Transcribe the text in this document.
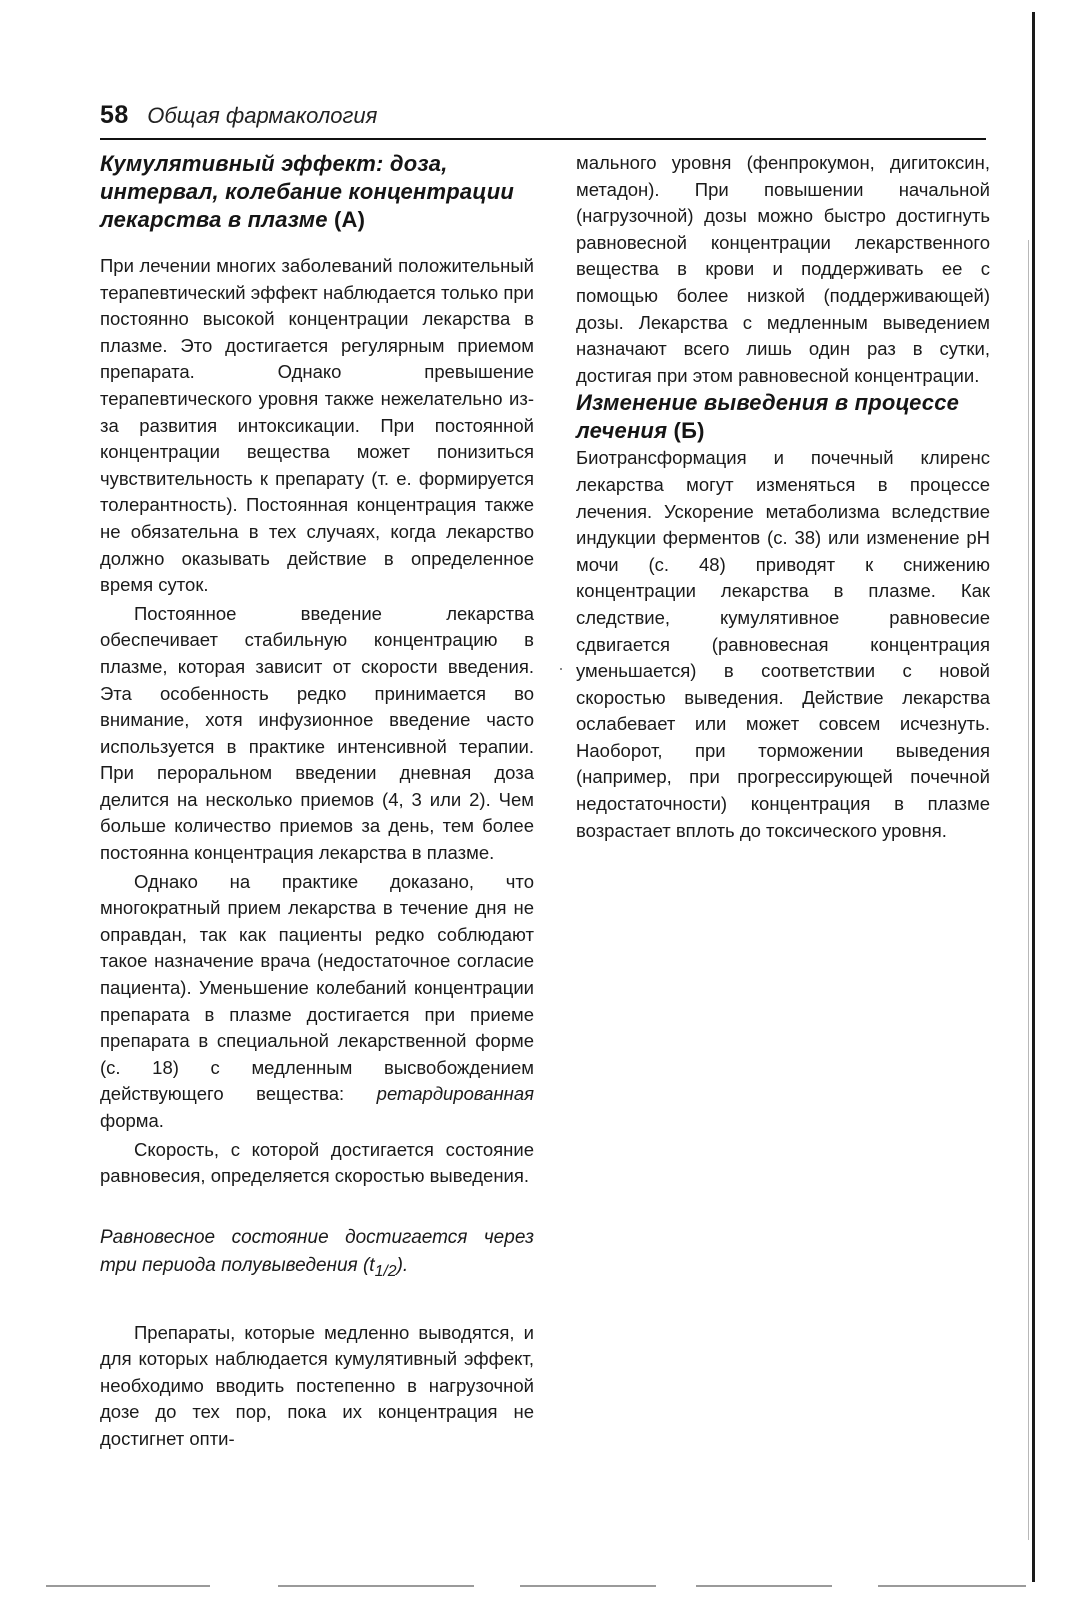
58 Общая фармакология
Кумулятивный эффект: доза, интервал, колебание концентрации лекарства в плазме (А)

При лечении многих заболеваний положительный терапевтический эффект наблюдается только при постоянно высокой концентрации лекарства в плазме. Это достигается регулярным приемом препарата. Однако превышение терапевтического уровня также нежелательно из-за развития интоксикации. При постоянной концентрации вещества может понизиться чувствительность к препарату (т. е. формируется толерантность). Постоянная концентрация также не обязательна в тех случаях, когда лекарство должно оказывать действие в определенное время суток.

Постоянное введение лекарства обеспечивает стабильную концентрацию в плазме, которая зависит от скорости введения. Эта особенность редко принимается во внимание, хотя инфузионное введение часто используется в практике интенсивной терапии. При пероральном введении дневная доза делится на несколько приемов (4, 3 или 2). Чем больше количество приемов за день, тем более постоянна концентрация лекарства в плазме.

Однако на практике доказано, что многократный прием лекарства в течение дня не оправдан, так как пациенты редко соблюдают такое назначение врача (недостаточное согласие пациента). Уменьшение колебаний концентрации препарата в плазме достигается при приеме препарата в специальной лекарственной форме (с. 18) с медленным высвобождением действующего вещества: ретардированная форма.

Скорость, с которой достигается состояние равновесия, определяется скоростью выведения.

Равновесное состояние достигается через три периода полувыведения $(t_{1/2})$.

Препараты, которые медленно выводятся, и для которых наблюдается кумулятивный эффект, необходимо вводить постепенно в нагрузочной дозе до тех пор, пока их концентрация не достигнет опти-

мального уровня (фенпрокумон, дигитоксин, метадон). При повышении начальной (нагрузочной) дозы можно быстро достигнуть равновесной концентрации лекарственного вещества в крови и поддерживать ее с помощью более низкой (поддерживающей) дозы. Лекарства с медленным выведением назначают всего лишь один раз в сутки, достигая при этом равновесной концентрации.

Изменение выведения в процессе лечения (Б)

Биотрансформация и почечный клиренс лекарства могут изменяться в процессе лечения. Ускорение метаболизма вследствие индукции ферментов (с. 38) или изменение рН мочи (с. 48) приводят к снижению концентрации лекарства в плазме. Как следствие, кумулятивное равновесие сдвигается (равновесная концентрация уменьшается) в соответствии с новой скоростью выведения. Действие лекарства ослабевает или может совсем исчезнуть. Наоборот, при торможении выведения (например, при прогрессирующей почечной недостаточности) концентрация в плазме возрастает вплоть до токсического уровня.
